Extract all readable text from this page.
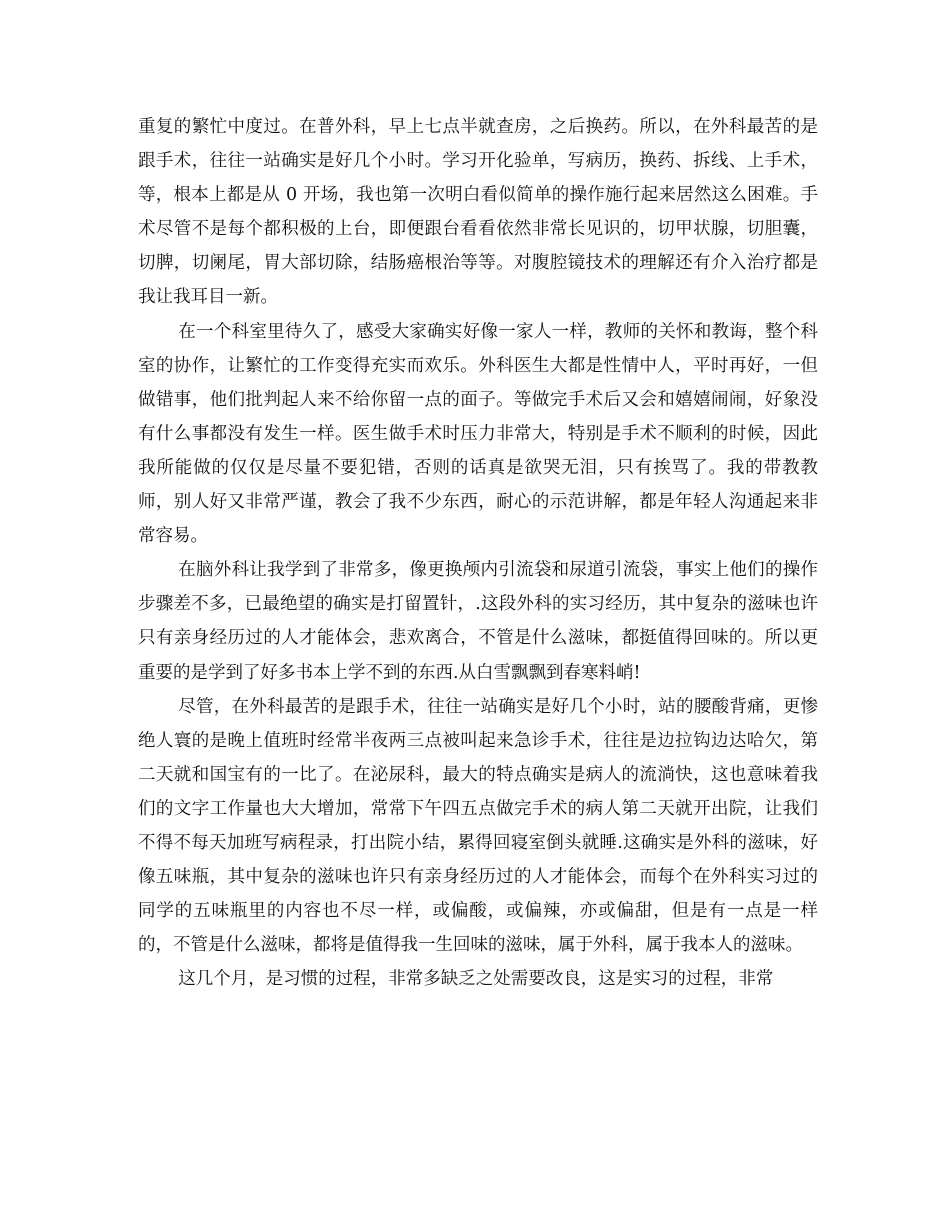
重复的繁忙中度过。在普外科，早上七点半就查房，之后换药。所以，在外科最苦的是跟手术，往往一站确实是好几个小时。学习开化验单，写病历，换药、拆线、上手术，等，根本上都是从 0 开场，我也第一次明白看似简单的操作施行起来居然这么困难。手术尽管不是每个都积极的上台，即便跟台看看依然非常长见识的，切甲状腺，切胆囊，切脾，切阑尾，胃大部切除，结肠癌根治等等。对腹腔镜技术的理解还有介入治疗都是我让我耳目一新。

在一个科室里待久了，感受大家确实好像一家人一样，教师的关怀和教诲，整个科室的协作，让繁忙的工作变得充实而欢乐。外科医生大都是性情中人，平时再好，一但做错事，他们批判起人来不给你留一点的面子。等做完手术后又会和嬉嬉闹闹，好象没有什么事都没有发生一样。医生做手术时压力非常大，特别是手术不顺利的时候，因此我所能做的仅仅是尽量不要犯错，否则的话真是欲哭无泪，只有挨骂了。我的带教教师，别人好又非常严谨，教会了我不少东西，耐心的示范讲解，都是年轻人沟通起来非常容易。

在脑外科让我学到了非常多，像更换颅内引流袋和尿道引流袋，事实上他们的操作步骤差不多，已最绝望的确实是打留置针，.这段外科的实习经历，其中复杂的滋味也许只有亲身经历过的人才能体会，悲欢离合，不管是什么滋味，都挺值得回味的。所以更重要的是学到了好多书本上学不到的东西.从白雪飘飘到春寒料峭!

尽管，在外科最苦的是跟手术，往往一站确实是好几个小时，站的腰酸背痛，更惨绝人寰的是晚上值班时经常半夜两三点被叫起来急诊手术，往往是边拉钩边达哈欠，第二天就和国宝有的一比了。在泌尿科，最大的特点确实是病人的流淌快，这也意味着我们的文字工作量也大大增加，常常下午四五点做完手术的病人第二天就开出院，让我们不得不每天加班写病程录，打出院小结，累得回寝室倒头就睡.这确实是外科的滋味，好像五味瓶，其中复杂的滋味也许只有亲身经历过的人才能体会，而每个在外科实习过的同学的五味瓶里的内容也不尽一样，或偏酸，或偏辣，亦或偏甜，但是有一点是一样的，不管是什么滋味，都将是值得我一生回味的滋味，属于外科，属于我本人的滋味。

这几个月，是习惯的过程，非常多缺乏之处需要改良，这是实习的过程，非常
